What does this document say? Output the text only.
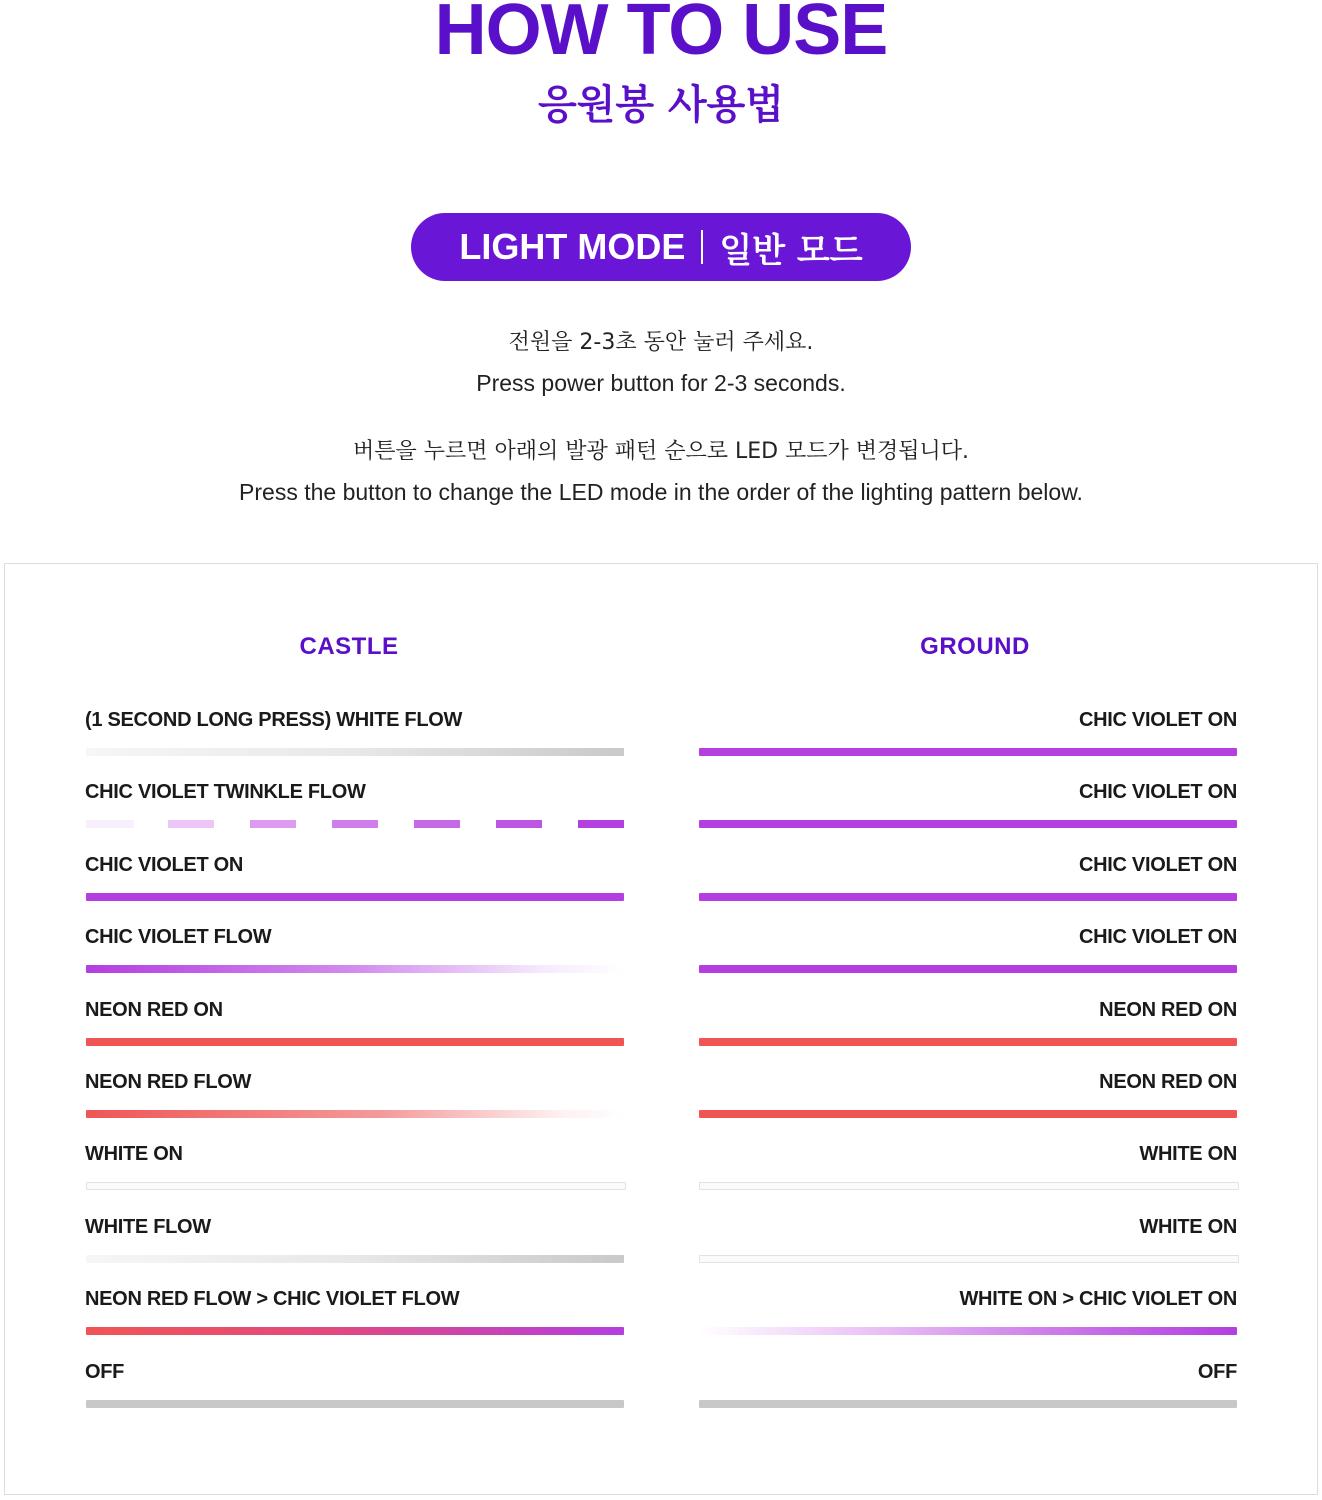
HOW TO USE
응원봉 사용법
LIGHT MODE 일반 모드
전원을 2-3초 동안 눌러 주세요.
Press power button for 2-3 seconds.
버튼을 누르면 아래의 발광 패턴 순으로 LED 모드가 변경됩니다.
Press the button to change the LED mode in the order of the lighting pattern below.
CASTLE	GROUND
(1 SECOND LONG PRESS) WHITE FLOW
CHIC VIOLET TWINKLE FLOW
CHIC VIOLET ON
CHIC VIOLET FLOW
NEON RED ON
NEON RED FLOW
WHITE ON
WHITE FLOW
NEON RED FLOW > CHIC VIOLET FLOW
OFF
CHIC VIOLET ON
CHIC VIOLET ON
CHIC VIOLET ON
CHIC VIOLET ON
NEON RED ON
NEON RED ON
WHITE ON
WHITE ON
WHITE ON > CHIC VIOLET ON
OFF
